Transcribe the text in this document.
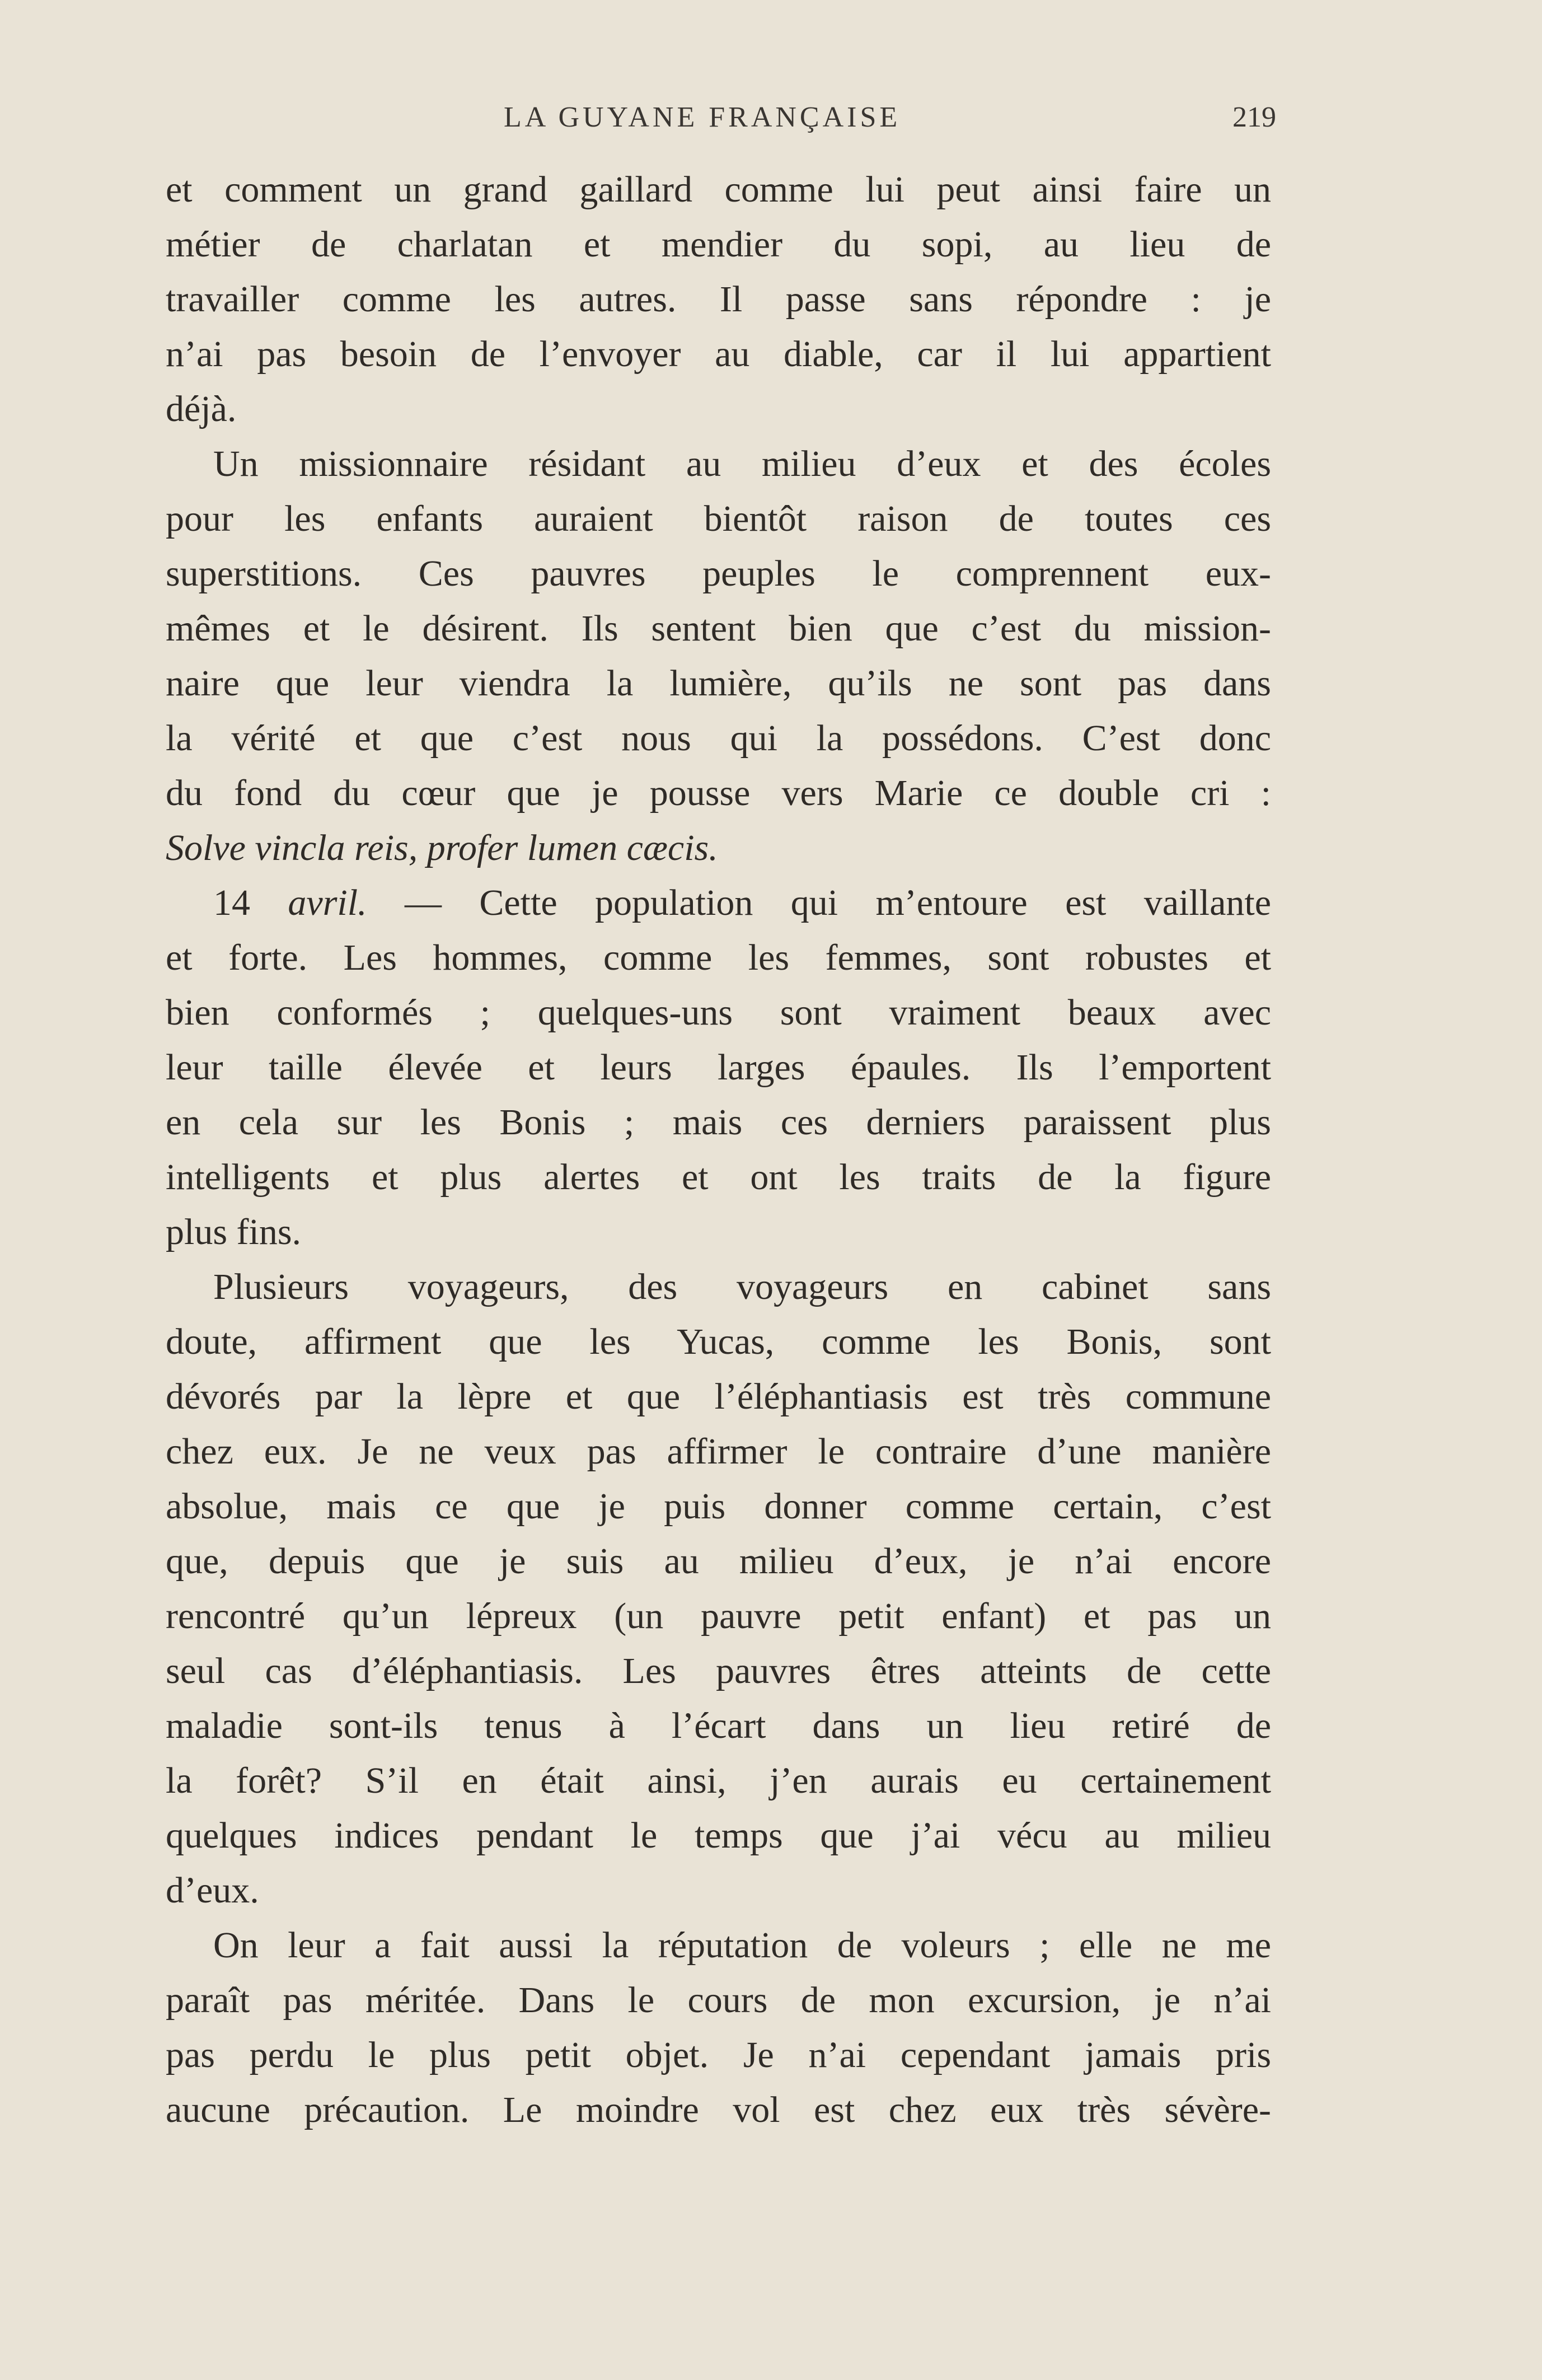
LA GUYANE FRANÇAISE	219
et comment un grand gaillard comme lui peut ainsi faire un
métier de charlatan et mendier du sopi, au lieu de
travailler comme les autres. Il passe sans répondre : je
n’ai pas besoin de l’envoyer au diable, car il lui appartient
déjà.
Un missionnaire résidant au milieu d’eux et des écoles
pour les enfants auraient bientôt raison de toutes ces
superstitions. Ces pauvres peuples le comprennent eux-
mêmes et le désirent. Ils sentent bien que c’est du mission-
naire que leur viendra la lumière, qu’ils ne sont pas dans
la vérité et que c’est nous qui la possédons. C’est donc
du fond du cœur que je pousse vers Marie ce double cri :
Solve vincla reis, profer lumen cæcis.
14 avril. — Cette population qui m’entoure est vaillante
et forte. Les hommes, comme les femmes, sont robustes et
bien conformés ; quelques-uns sont vraiment beaux avec
leur taille élevée et leurs larges épaules. Ils l’emportent
en cela sur les Bonis ; mais ces derniers paraissent plus
intelligents et plus alertes et ont les traits de la figure
plus fins.
Plusieurs voyageurs, des voyageurs en cabinet sans
doute, affirment que les Yucas, comme les Bonis, sont
dévorés par la lèpre et que l’éléphantiasis est très commune
chez eux. Je ne veux pas affirmer le contraire d’une manière
absolue, mais ce que je puis donner comme certain, c’est
que, depuis que je suis au milieu d’eux, je n’ai encore
rencontré qu’un lépreux (un pauvre petit enfant) et pas un
seul cas d’éléphantiasis. Les pauvres êtres atteints de cette
maladie sont-ils tenus à l’écart dans un lieu retiré de
la forêt? S’il en était ainsi, j’en aurais eu certainement
quelques indices pendant le temps que j’ai vécu au milieu
d’eux.
On leur a fait aussi la réputation de voleurs ; elle ne me
paraît pas méritée. Dans le cours de mon excursion, je n’ai
pas perdu le plus petit objet. Je n’ai cependant jamais pris
aucune précaution. Le moindre vol est chez eux très sévère-
